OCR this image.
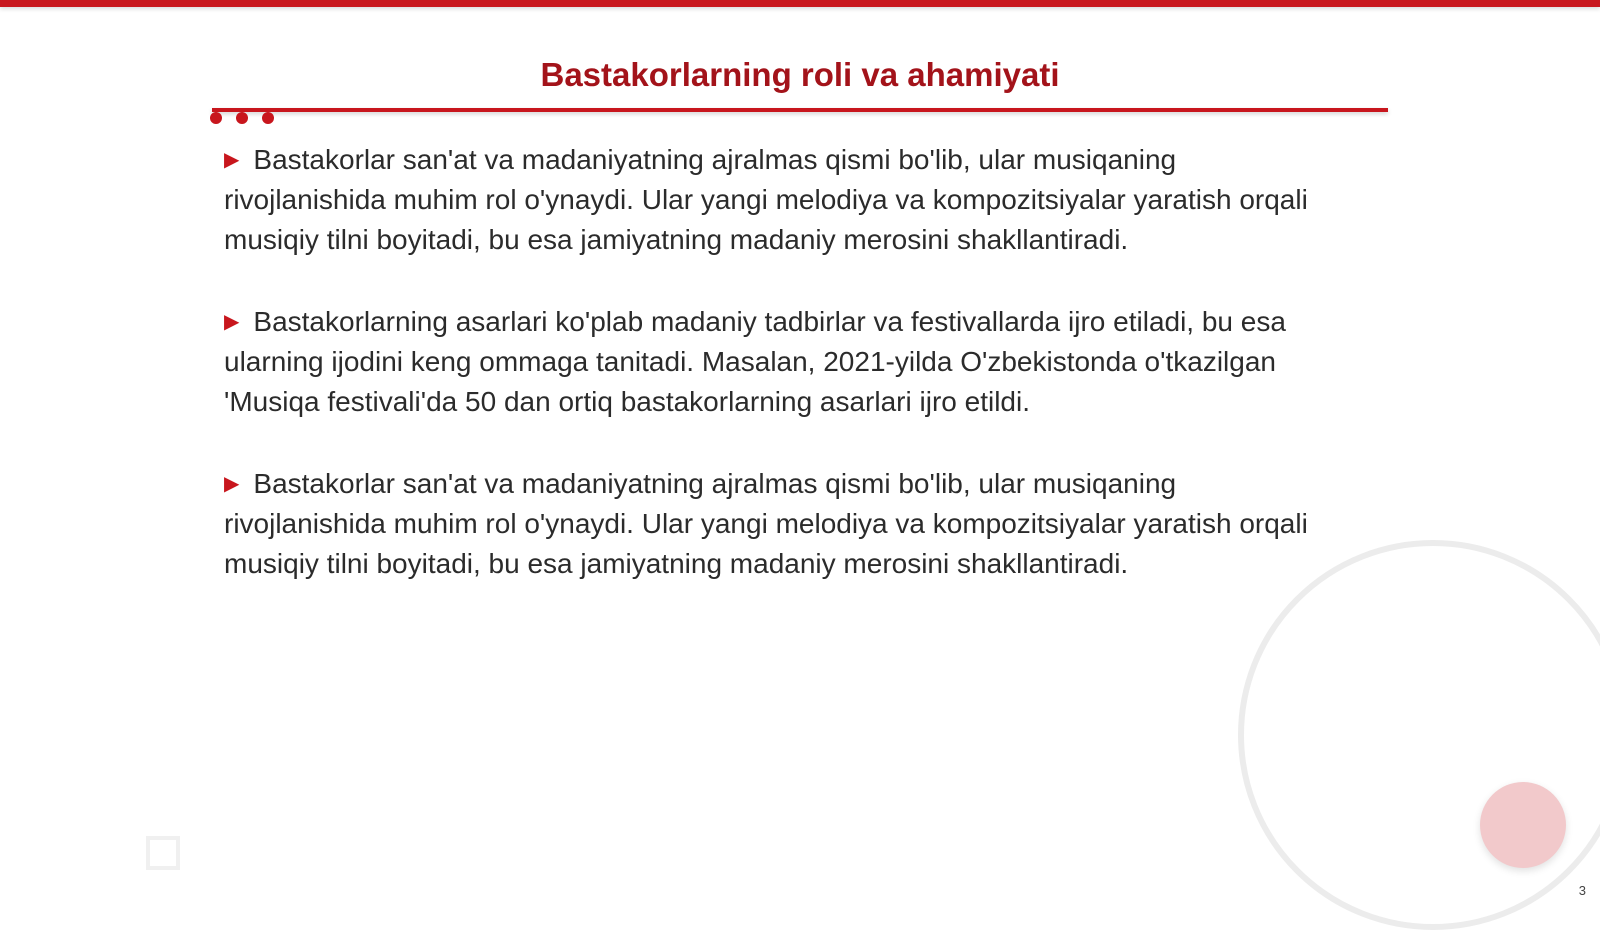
Bastakorlarning roli va ahamiyati
▶ Bastakorlar san'at va madaniyatning ajralmas qismi bo'lib, ular musiqaning rivojlanishida muhim rol o'ynaydi. Ular yangi melodiya va kompozitsiyalar yaratish orqali musiqiy tilni boyitadi, bu esa jamiyatning madaniy merosini shakllantiradi.
▶ Bastakorlarning asarlari ko'plab madaniy tadbirlar va festivallarda ijro etiladi, bu esa ularning ijodini keng ommaga tanitadi. Masalan, 2021-yilda O'zbekistonda o'tkazilgan 'Musiqa festivali'da 50 dan ortiq bastakorlarning asarlari ijro etildi.
▶ Bastakorlar san'at va madaniyatning ajralmas qismi bo'lib, ular musiqaning rivojlanishida muhim rol o'ynaydi. Ular yangi melodiya va kompozitsiyalar yaratish orqali musiqiy tilni boyitadi, bu esa jamiyatning madaniy merosini shakllantiradi.
3
